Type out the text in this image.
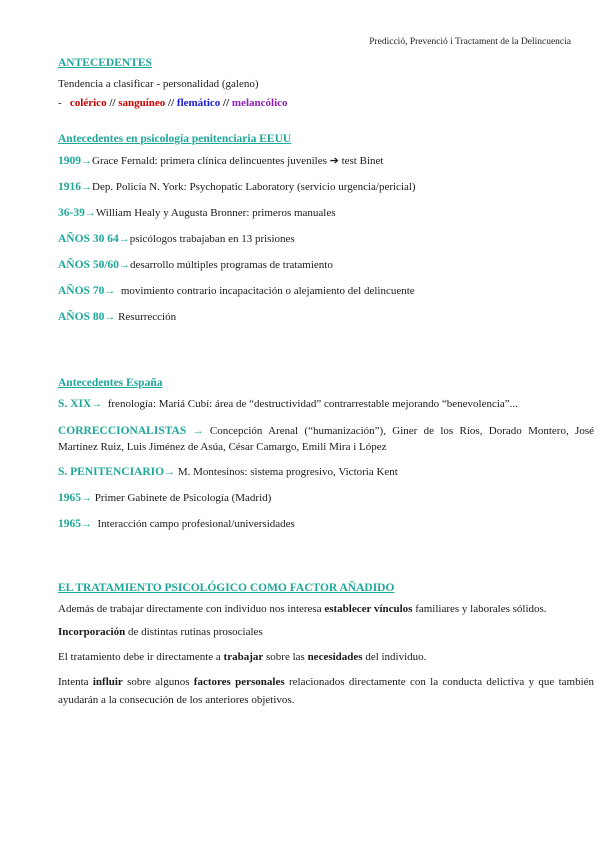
Predicció, Prevenció i Tractament de la Delincuencia
ANTECEDENTES
Tendencia a clasificar - personalidad (galeno)
- colérico // sanguíneo // flemático // melancólico
Antecedentes en psicología penitenciaria EEUU
1909→Grace Fernald: primera clínica delincuentes juveniles ➔ test Binet
1916→Dep. Policía N. York: Psychopatic Laboratory (servicio urgencia/pericial)
36-39→William Healy y Augusta Bronner: primeros manuales
AÑOS 30 64→psicólogos trabajaban en 13 prisiones
AÑOS 50/60→desarrollo múltiples programas de tratamiento
AÑOS 70→  movimiento contrario incapacitación o alejamiento del delincuente
AÑOS 80→ Resurrección
Antecedentes España
S. XIX→  frenología: Mariá Cubí: área de “destructividad” contrarrestable mejorando “benevolencia”...
CORRECCIONALISTAS → Concepción Arenal (“humanización”), Giner de los Ríos, Dorado Montero, José Martínez Ruiz, Luis Jiménez de Asúa, César Camargo, Emili Mira i López
S. PENITENCIARIO→ M. Montesinos: sistema progresivo, Victoria Kent
1965→ Primer Gabinete de Psicología (Madrid)
1965→  Interacción campo profesional/universidades
EL TRATAMIENTO PSICOLÓGICO COMO FACTOR AÑADIDO
Además de trabajar directamente con individuo nos interesa establecer vínculos familiares y laborales sólidos.
Incorporación de distintas rutinas prosociales
El tratamiento debe ir directamente a trabajar sobre las necesidades del individuo.
Intenta influir sobre algunos factores personales relacionados directamente con la conducta delictiva y que también ayudarán a la consecución de los anteriores objetivos.
